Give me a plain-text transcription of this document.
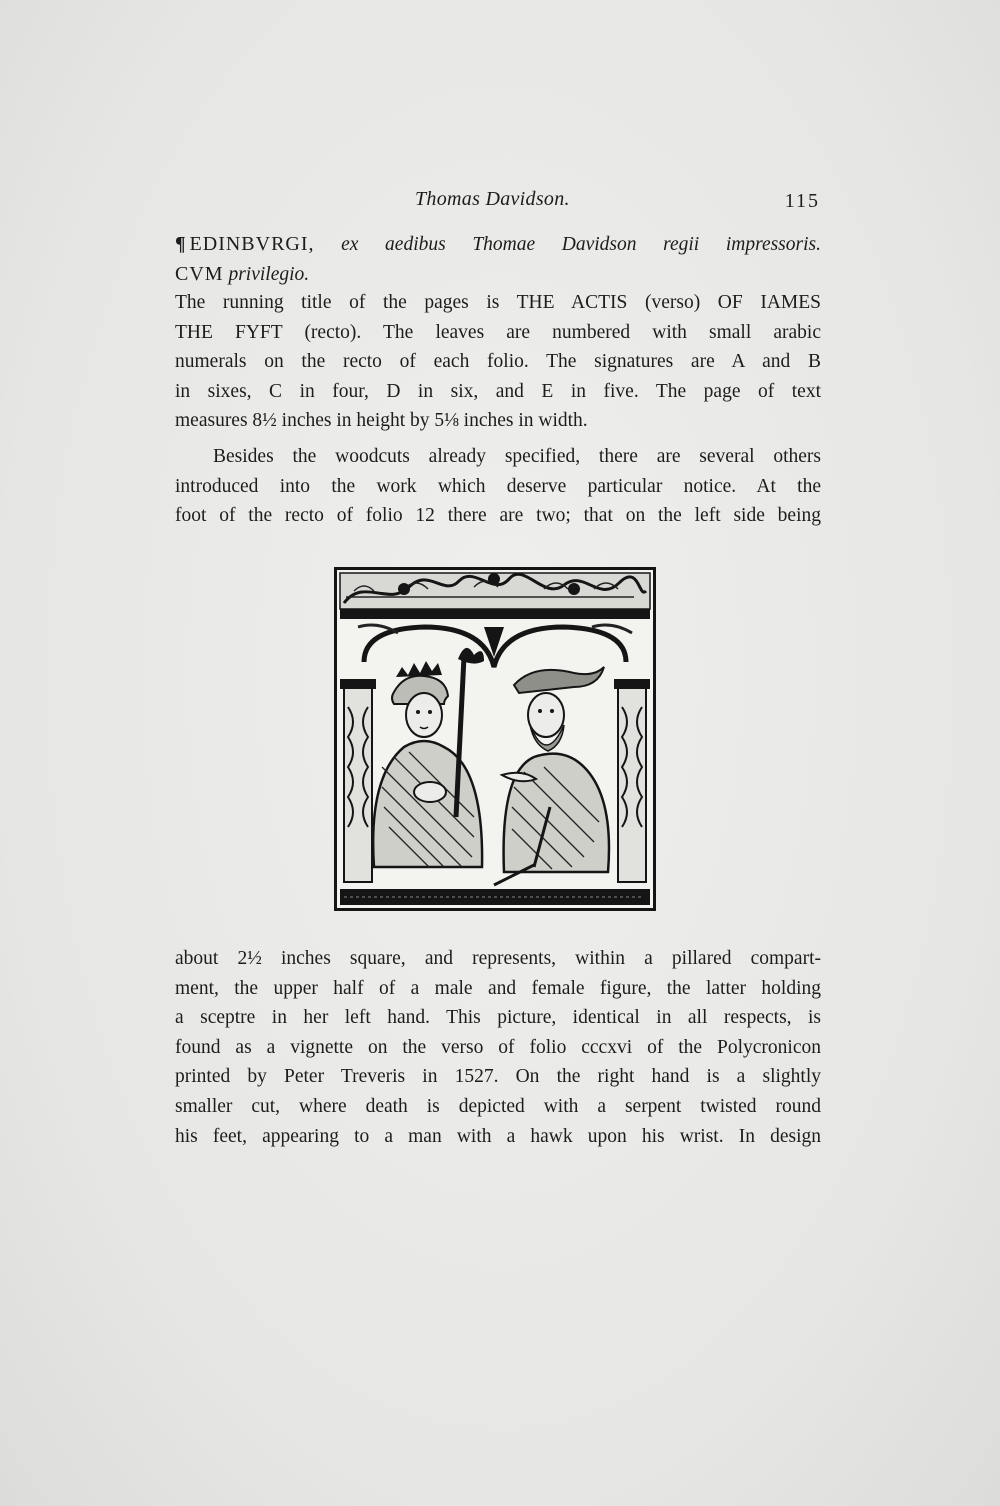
Thomas Davidson.	115
¶ EDINBVRGI, ex aedibus Thomae Davidson regii impressoris.
CVM privilegio.
The running title of the pages is THE ACTIS (verso) OF IAMES
THE FYFT (recto). The leaves are numbered with small arabic
numerals on the recto of each folio. The signatures are A and B
in sixes, C in four, D in six, and E in five. The page of text
measures 8½ inches in height by 5⅛ inches in width.
Besides the woodcuts already specified, there are several others
introduced into the work which deserve particular notice. At the
foot of the recto of folio 12 there are two; that on the left side being
about 2½ inches square, and represents, within a pillared compart-
ment, the upper half of a male and female figure, the latter holding
a sceptre in her left hand. This picture, identical in all respects, is
found as a vignette on the verso of folio cccxvi of the Polycronicon
printed by Peter Treveris in 1527. On the right hand is a slightly
smaller cut, where death is depicted with a serpent twisted round
his feet, appearing to a man with a hawk upon his wrist. In design
